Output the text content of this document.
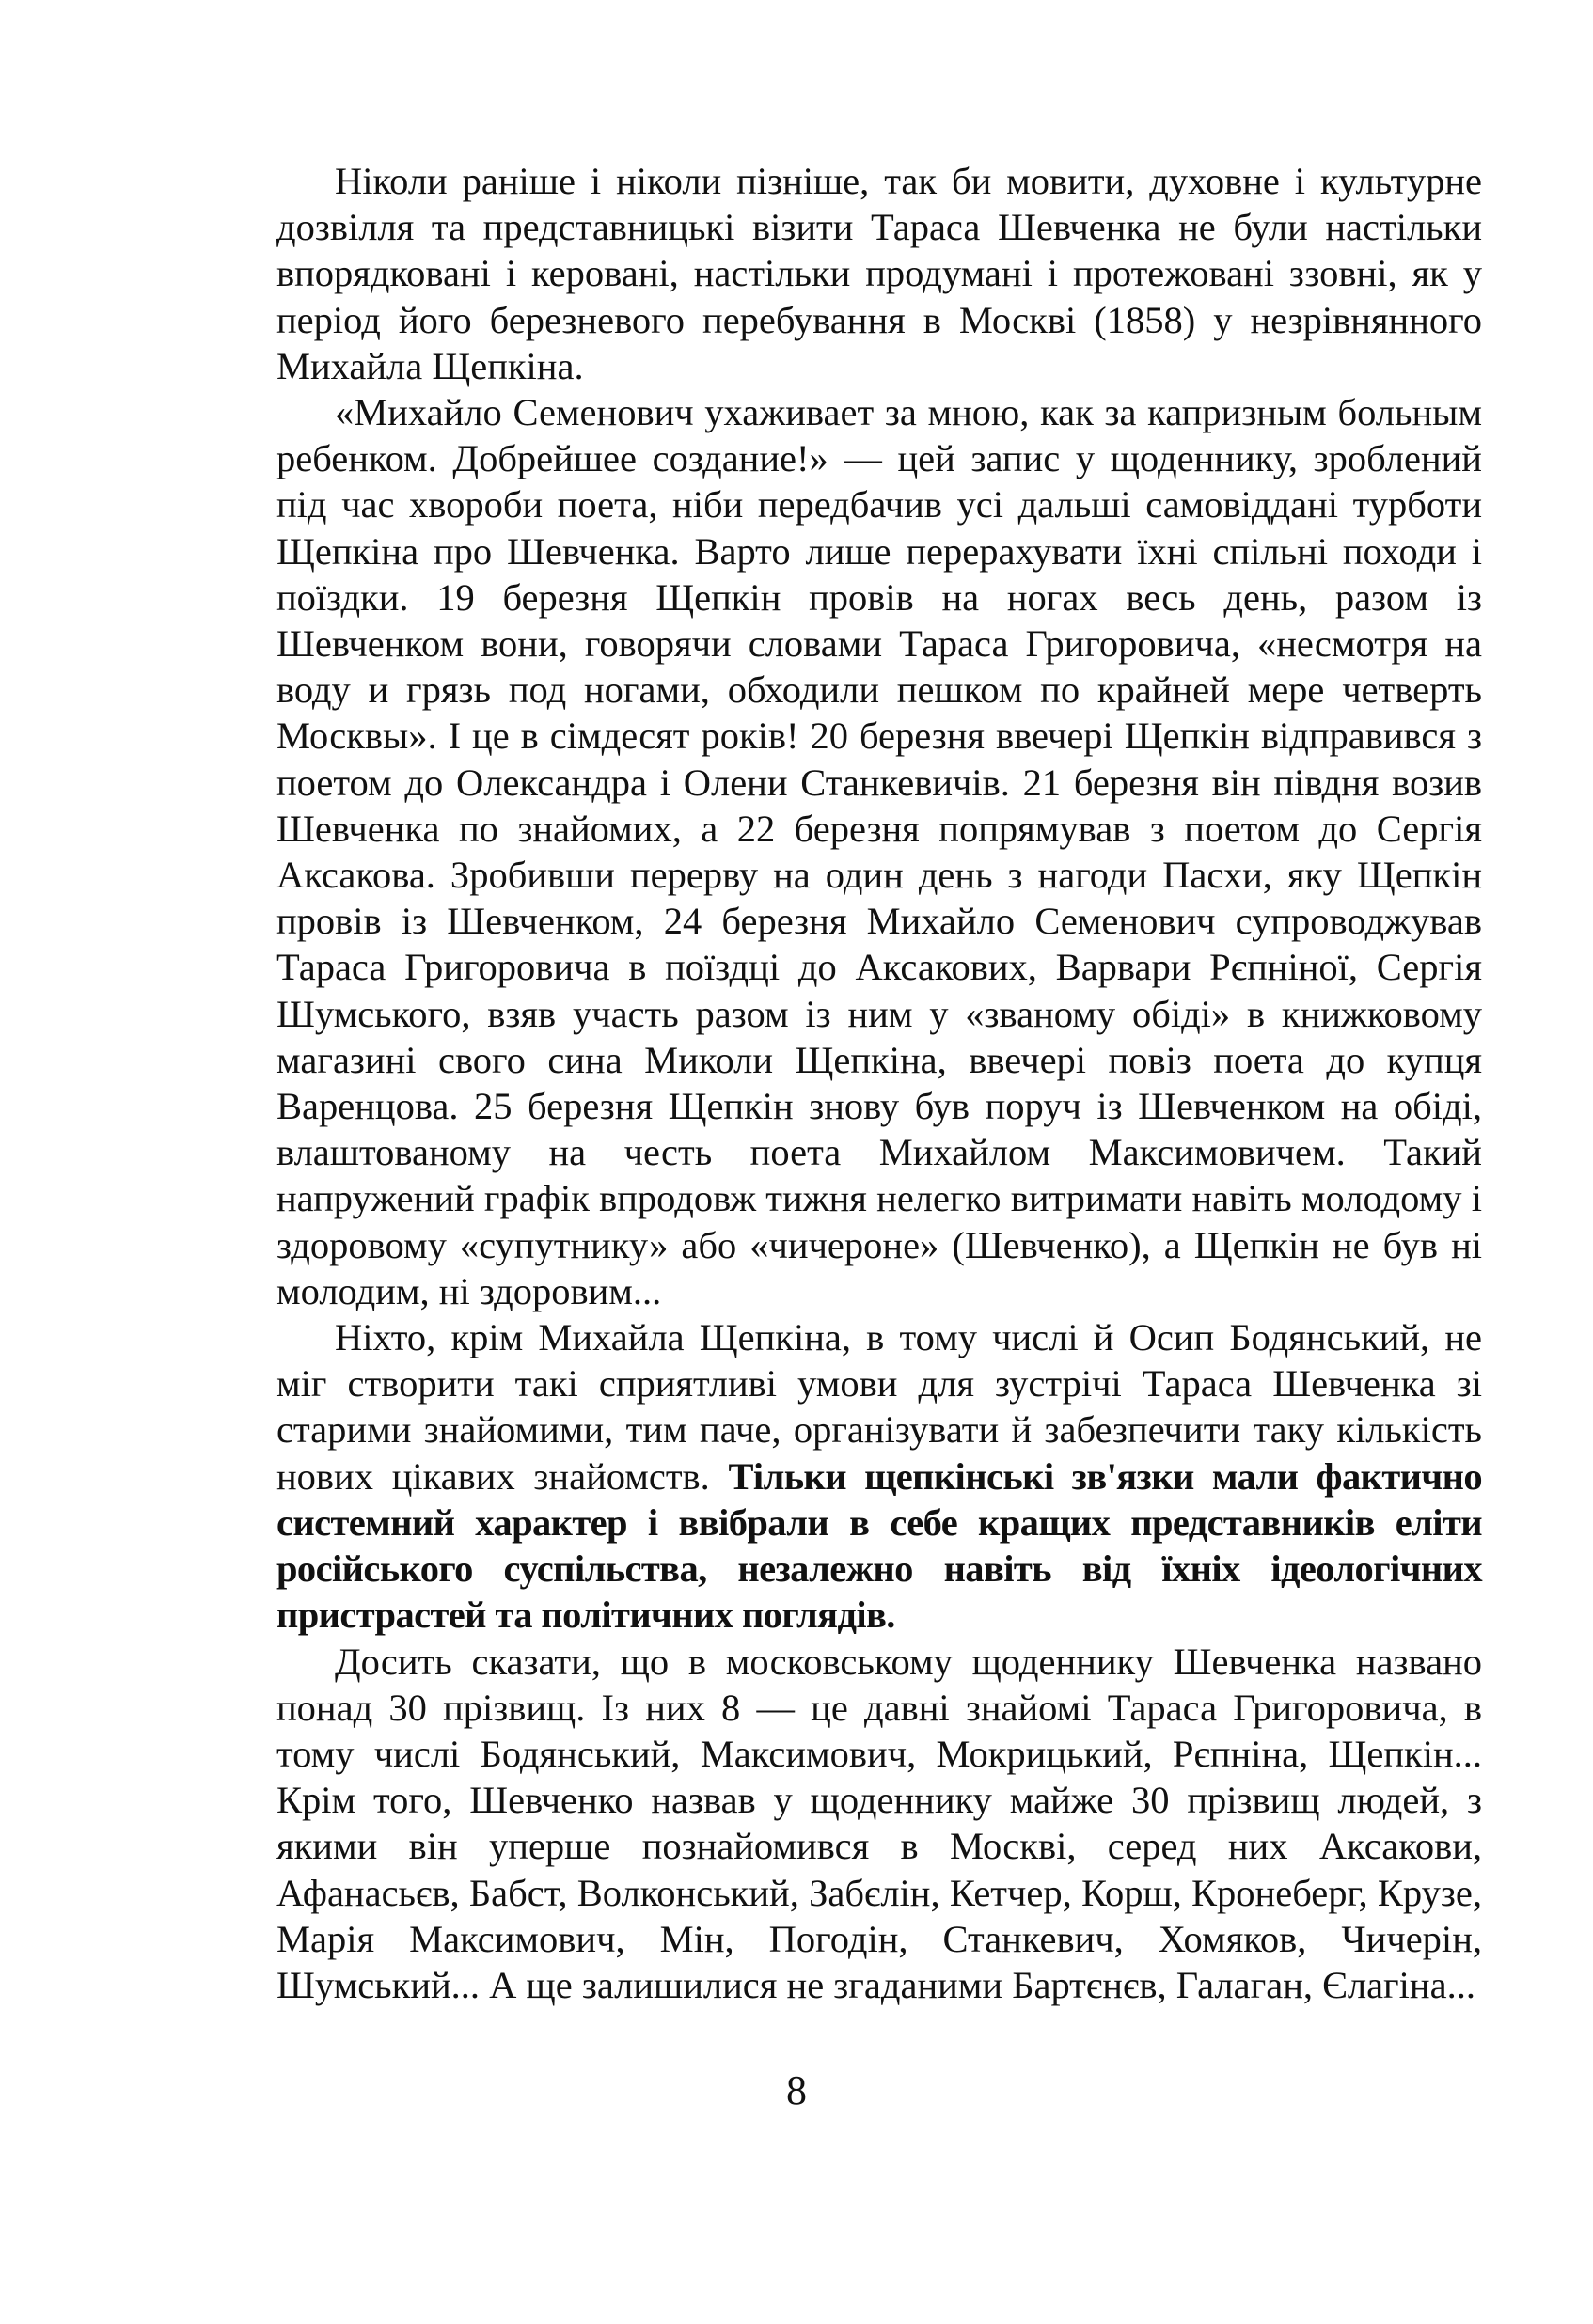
Ніколи раніше і ніколи пізніше, так би мовити, духовне і культурне дозвілля та представницькі візити Тараса Шевченка не були настільки впорядковані і керовані, настільки продумані і протежовані ззовні, як у період його березневого перебування в Москві (1858) у незрівнянного Михайла Щепкіна.

«Михайло Семенович ухаживает за мною, как за капризным больным ребенком. Добрейшее создание!» — цей запис у щоденнику, зроблений під час хвороби поета, ніби передбачив усі дальші самовіддані турботи Щепкіна про Шевченка. Варто лише перерахувати їхні спільні походи і поїздки. 19 березня Щепкін провів на ногах весь день, разом із Шевченком вони, говорячи словами Тараса Григоровича, «несмотря на воду и грязь под ногами, обходили пешком по крайней мере четверть Москвы». І це в сімдесят років! 20 березня ввечері Щепкін відправився з поетом до Олександра і Олени Станкевичів. 21 березня він півдня возив Шевченка по знайомих, а 22 березня попрямував з поетом до Сергія Аксакова. Зробивши перерву на один день з нагоди Пасхи, яку Щепкін провів із Шевченком, 24 березня Михайло Семенович супроводжував Тараса Григоровича в поїздці до Аксакових, Варвари Рєпніної, Сергія Шумського, взяв участь разом із ним у «званому обіді» в книжковому магазині свого сина Миколи Щепкіна, ввечері повіз поета до купця Варенцова. 25 березня Щепкін знову був поруч із Шевченком на обіді, влаштованому на честь поета Михайлом Максимовичем. Такий напружений графік впродовж тижня нелегко витримати навіть молодому і здоровому «супутнику» або «чичероне» (Шевченко), а Щепкін не був ні молодим, ні здоровим...

Ніхто, крім Михайла Щепкіна, в тому числі й Осип Бодянський, не міг створити такі сприятливі умови для зустрічі Тараса Шевченка зі старими знайомими, тим паче, організувати й забезпечити таку кількість нових цікавих знайомств. Тільки щепкінські зв'язки мали фактично системний характер і ввібрали в себе кращих представників еліти російського суспільства, незалежно навіть від їхніх ідеологічних пристрастей та політичних поглядів.

Досить сказати, що в московському щоденнику Шевченка названо понад 30 прізвищ. Із них 8 — це давні знайомі Тараса Григоровича, в тому числі Бодянський, Максимович, Мокрицький, Рєпніна, Щепкін... Крім того, Шевченко назвав у щоденнику майже 30 прізвищ людей, з якими він уперше познайомився в Москві, серед них Аксакови, Афанасьєв, Бабст, Волконський, Забєлін, Кетчер, Корш, Кронеберг, Крузе, Марія Максимович, Мін, Погодін, Станкевич, Хомяков, Чичерін, Шумський... А ще залишилися не згаданими Бартєнєв, Галаган, Єлагіна...

8
